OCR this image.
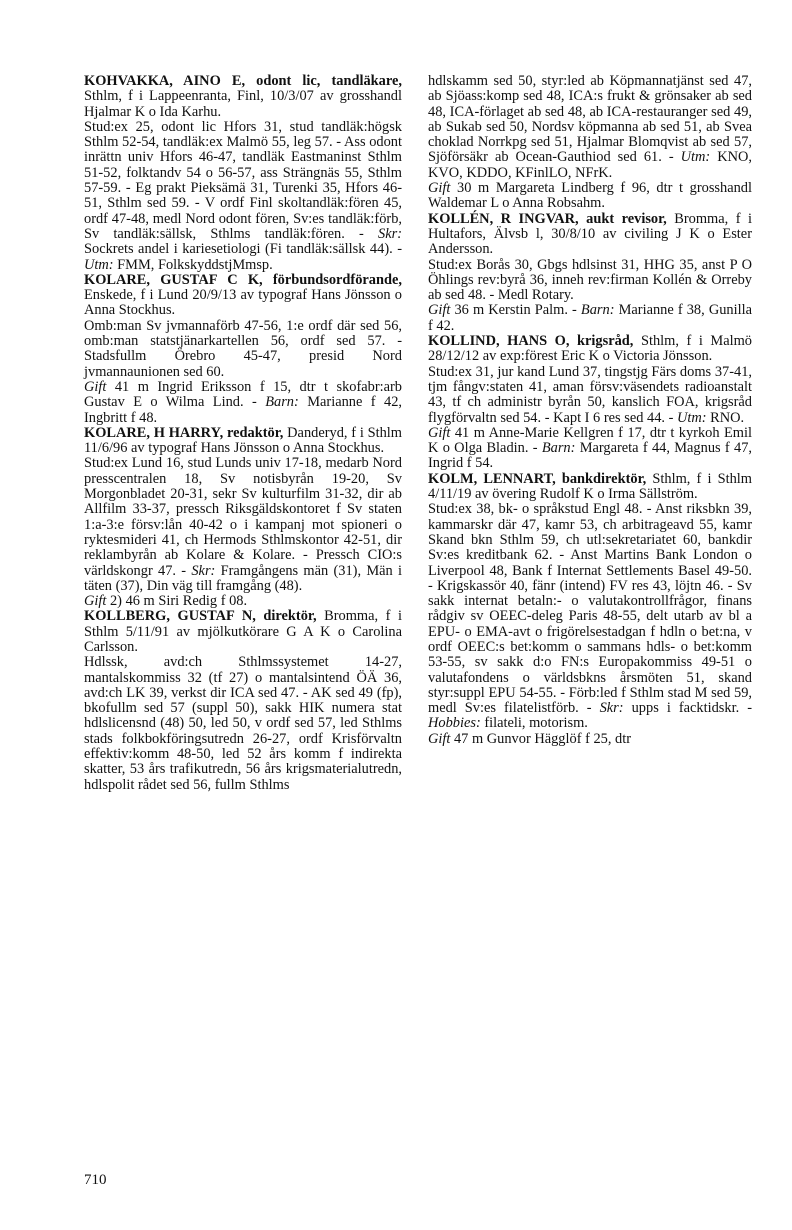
KOHVAKKA, AINO E, odont lic, tandläkare, Sthlm, f i Lappeenranta, Finl, 10/3/07 av grosshandl Hjalmar K o Ida Karhu.

Stud:ex 25, odont lic Hfors 31, stud tandläk:högsk Sthlm 52-54, tandläk:ex Malmö 55, leg 57. - Ass odont inrättn univ Hfors 46-47, tandläk Eastmaninst Sthlm 51-52, folktandv 54 o 56-57, ass Strängnäs 55, Sthlm 57-59. - Eg prakt Pieksämä 31, Turenki 35, Hfors 46-51, Sthlm sed 59. - V ordf Finl skoltandläk:fören 45, ordf 47-48, medl Nord odont fören, Sv:es tandläk:förb, Sv tandläk:sällsk, Sthlms tandläk:fören. - Skr: Sockrets andel i kariesetiologi (Fi tandläk:sällsk 44). - Utm: FMM, FolkskyddstjMmsp.

KOLARE, GUSTAF C K, förbundsordförande, Enskede, f i Lund 20/9/13 av typograf Hans Jönsson o Anna Stockhus.

Omb:man Sv jvmannaförb 47-56, 1:e ordf där sed 56, omb:man statstjänarkartellen 56, ordf sed 57. - Stadsfullm Örebro 45-47, presid Nord jvmannaunionen sed 60.

Gift 41 m Ingrid Eriksson f 15, dtr t skofabr:arb Gustav E o Wilma Lind. - Barn: Marianne f 42, Ingbritt f 48.

KOLARE, H HARRY, redaktör, Danderyd, f i Sthlm 11/6/96 av typograf Hans Jönsson o Anna Stockhus.

Stud:ex Lund 16, stud Lunds univ 17-18, medarb Nord presscentralen 18, Sv notisbyrån 19-20, Sv Morgonbladet 20-31, sekr Sv kulturfilm 31-32, dir ab Allfilm 33-37, pressch Riksgäldskontoret f Sv staten 1:a-3:e försv:lån 40-42 o i kampanj mot spioneri o ryktesmideri 41, ch Hermods Sthlmskontor 42-51, dir reklambyrån ab Kolare & Kolare. - Pressch CIO:s världskongr 47. - Skr: Framgångens män (31), Män i täten (37), Din väg till framgång (48).

Gift 2) 46 m Siri Redig f 08.

KOLLBERG, GUSTAF N, direktör, Bromma, f i Sthlm 5/11/91 av mjölkutkörare G A K o Carolina Carlsson.

Hdlssk, avd:ch Sthlmssystemet 14-27, mantalskommiss 32 (tf 27) o mantalsintend ÖÄ 36, avd:ch LK 39, verkst dir ICA sed 47. - AK sed 49 (fp), bkofullm sed 57 (suppl 50), sakk HIK numera stat hdlslicensnd (48) 50, led 50, v ordf sed 57, led Sthlms stads folkbokföringsutredn 26-27, ordf Krisförvaltn effektiv:komm 48-50, led 52 års komm f indirekta skatter, 53 års trafikutredn, 56 års krigsmaterialutredn, hdlspolit rådet sed 56, fullm Sthlms

hdlskamm sed 50, styr:led ab Köpmannatjänst sed 47, ab Sjöass:komp sed 48, ICA:s frukt & grönsaker ab sed 48, ICA-förlaget ab sed 48, ab ICA-restauranger sed 49, ab Sukab sed 50, Nordsv köpmanna ab sed 51, ab Svea choklad Norrkpg sed 51, Hjalmar Blomqvist ab sed 57, Sjöförsäkr ab Ocean-Gauthiod sed 61. - Utm: KNO, KVO, KDDO, KFinlLO, NFrK.

Gift 30 m Margareta Lindberg f 96, dtr t grosshandl Waldemar L o Anna Robsahm.

KOLLÉN, R INGVAR, aukt revisor, Bromma, f i Hultafors, Älvsb l, 30/8/10 av civiling J K o Ester Andersson.

Stud:ex Borås 30, Gbgs hdlsinst 31, HHG 35, anst P O Öhlings rev:byrå 36, inneh rev:firman Kollén & Orreby ab sed 48. - Medl Rotary.

Gift 36 m Kerstin Palm. - Barn: Marianne f 38, Gunilla f 42.

KOLLIND, HANS O, krigsråd, Sthlm, f i Malmö 28/12/12 av exp:förest Eric K o Victoria Jönsson.

Stud:ex 31, jur kand Lund 37, tingstjg Färs doms 37-41, tjm fångv:staten 41, aman försv:väsendets radioanstalt 43, tf ch administr byrån 50, kanslich FOA, krigsråd flygförvaltn sed 54. - Kapt I 6 res sed 44. - Utm: RNO.

Gift 41 m Anne-Marie Kellgren f 17, dtr t kyrkoh Emil K o Olga Bladin. - Barn: Margareta f 44, Magnus f 47, Ingrid f 54.

KOLM, LENNART, bankdirektör, Sthlm, f i Sthlm 4/11/19 av övering Rudolf K o Irma Sällström.

Stud:ex 38, bk- o språkstud Engl 48. - Anst riksbkn 39, kammarskr där 47, kamr 53, ch arbitrageavd 55, kamr Skand bkn Sthlm 59, ch utl:sekretariatet 60, bankdir Sv:es kreditbank 62. - Anst Martins Bank London o Liverpool 48, Bank f Internat Settlements Basel 49-50. - Krigskassör 40, fänr (intend) FV res 43, löjtn 46. - Sv sakk internat betaln:- o valutakontrollfrågor, finans rådgiv sv OEEC-deleg Paris 48-55, delt utarb av bl a EPU- o EMA-avt o frigörelsestadgan f hdln o bet:na, v ordf OEEC:s bet:komm o sammans hdls- o bet:komm 53-55, sv sakk d:o FN:s Europakommiss 49-51 o valutafondens o världsbkns årsmöten 51, skand styr:suppl EPU 54-55. - Förb:led f Sthlm stad M sed 59, medl Sv:es filatelistförb. - Skr: upps i facktidskr. - Hobbies: filateli, motorism.

Gift 47 m Gunvor Hägglöf f 25, dtr

710
